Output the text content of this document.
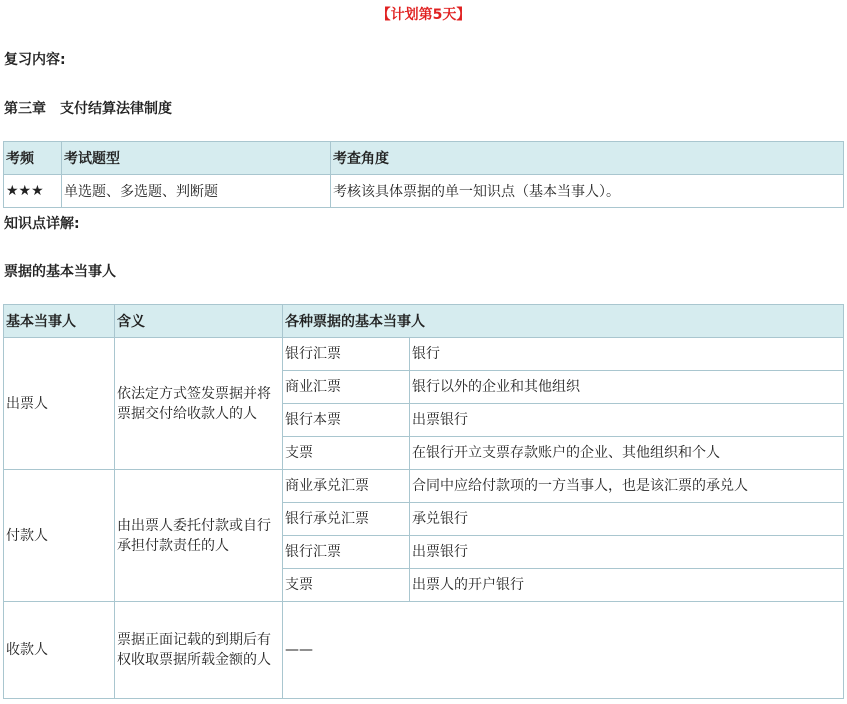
【计划第5天】
复习内容:
第三章　支付结算法律制度
考频	考试题型	考查角度
★★★	单选题、多选题、判断题	考核该具体票据的单一知识点（基本当事人）。
知识点详解:
票据的基本当事人
基本当事人	含义	各种票据的基本当事人	
出票人	依法定方式签发票据并将票据交付给收款人的人	银行汇票	银行
		商业汇票	银行以外的企业和其他组织
		银行本票	出票银行
		支票	在银行开立支票存款账户的企业、其他组织和个人
付款人	由出票人委托付款或自行承担付款责任的人	商业承兑汇票	合同中应给付款项的一方当事人，也是该汇票的承兑人
		银行承兑汇票	承兑银行
		银行汇票	出票银行
		支票	出票人的开户银行
收款人	票据正面记载的到期后有权收取票据所载金额的人	——	
